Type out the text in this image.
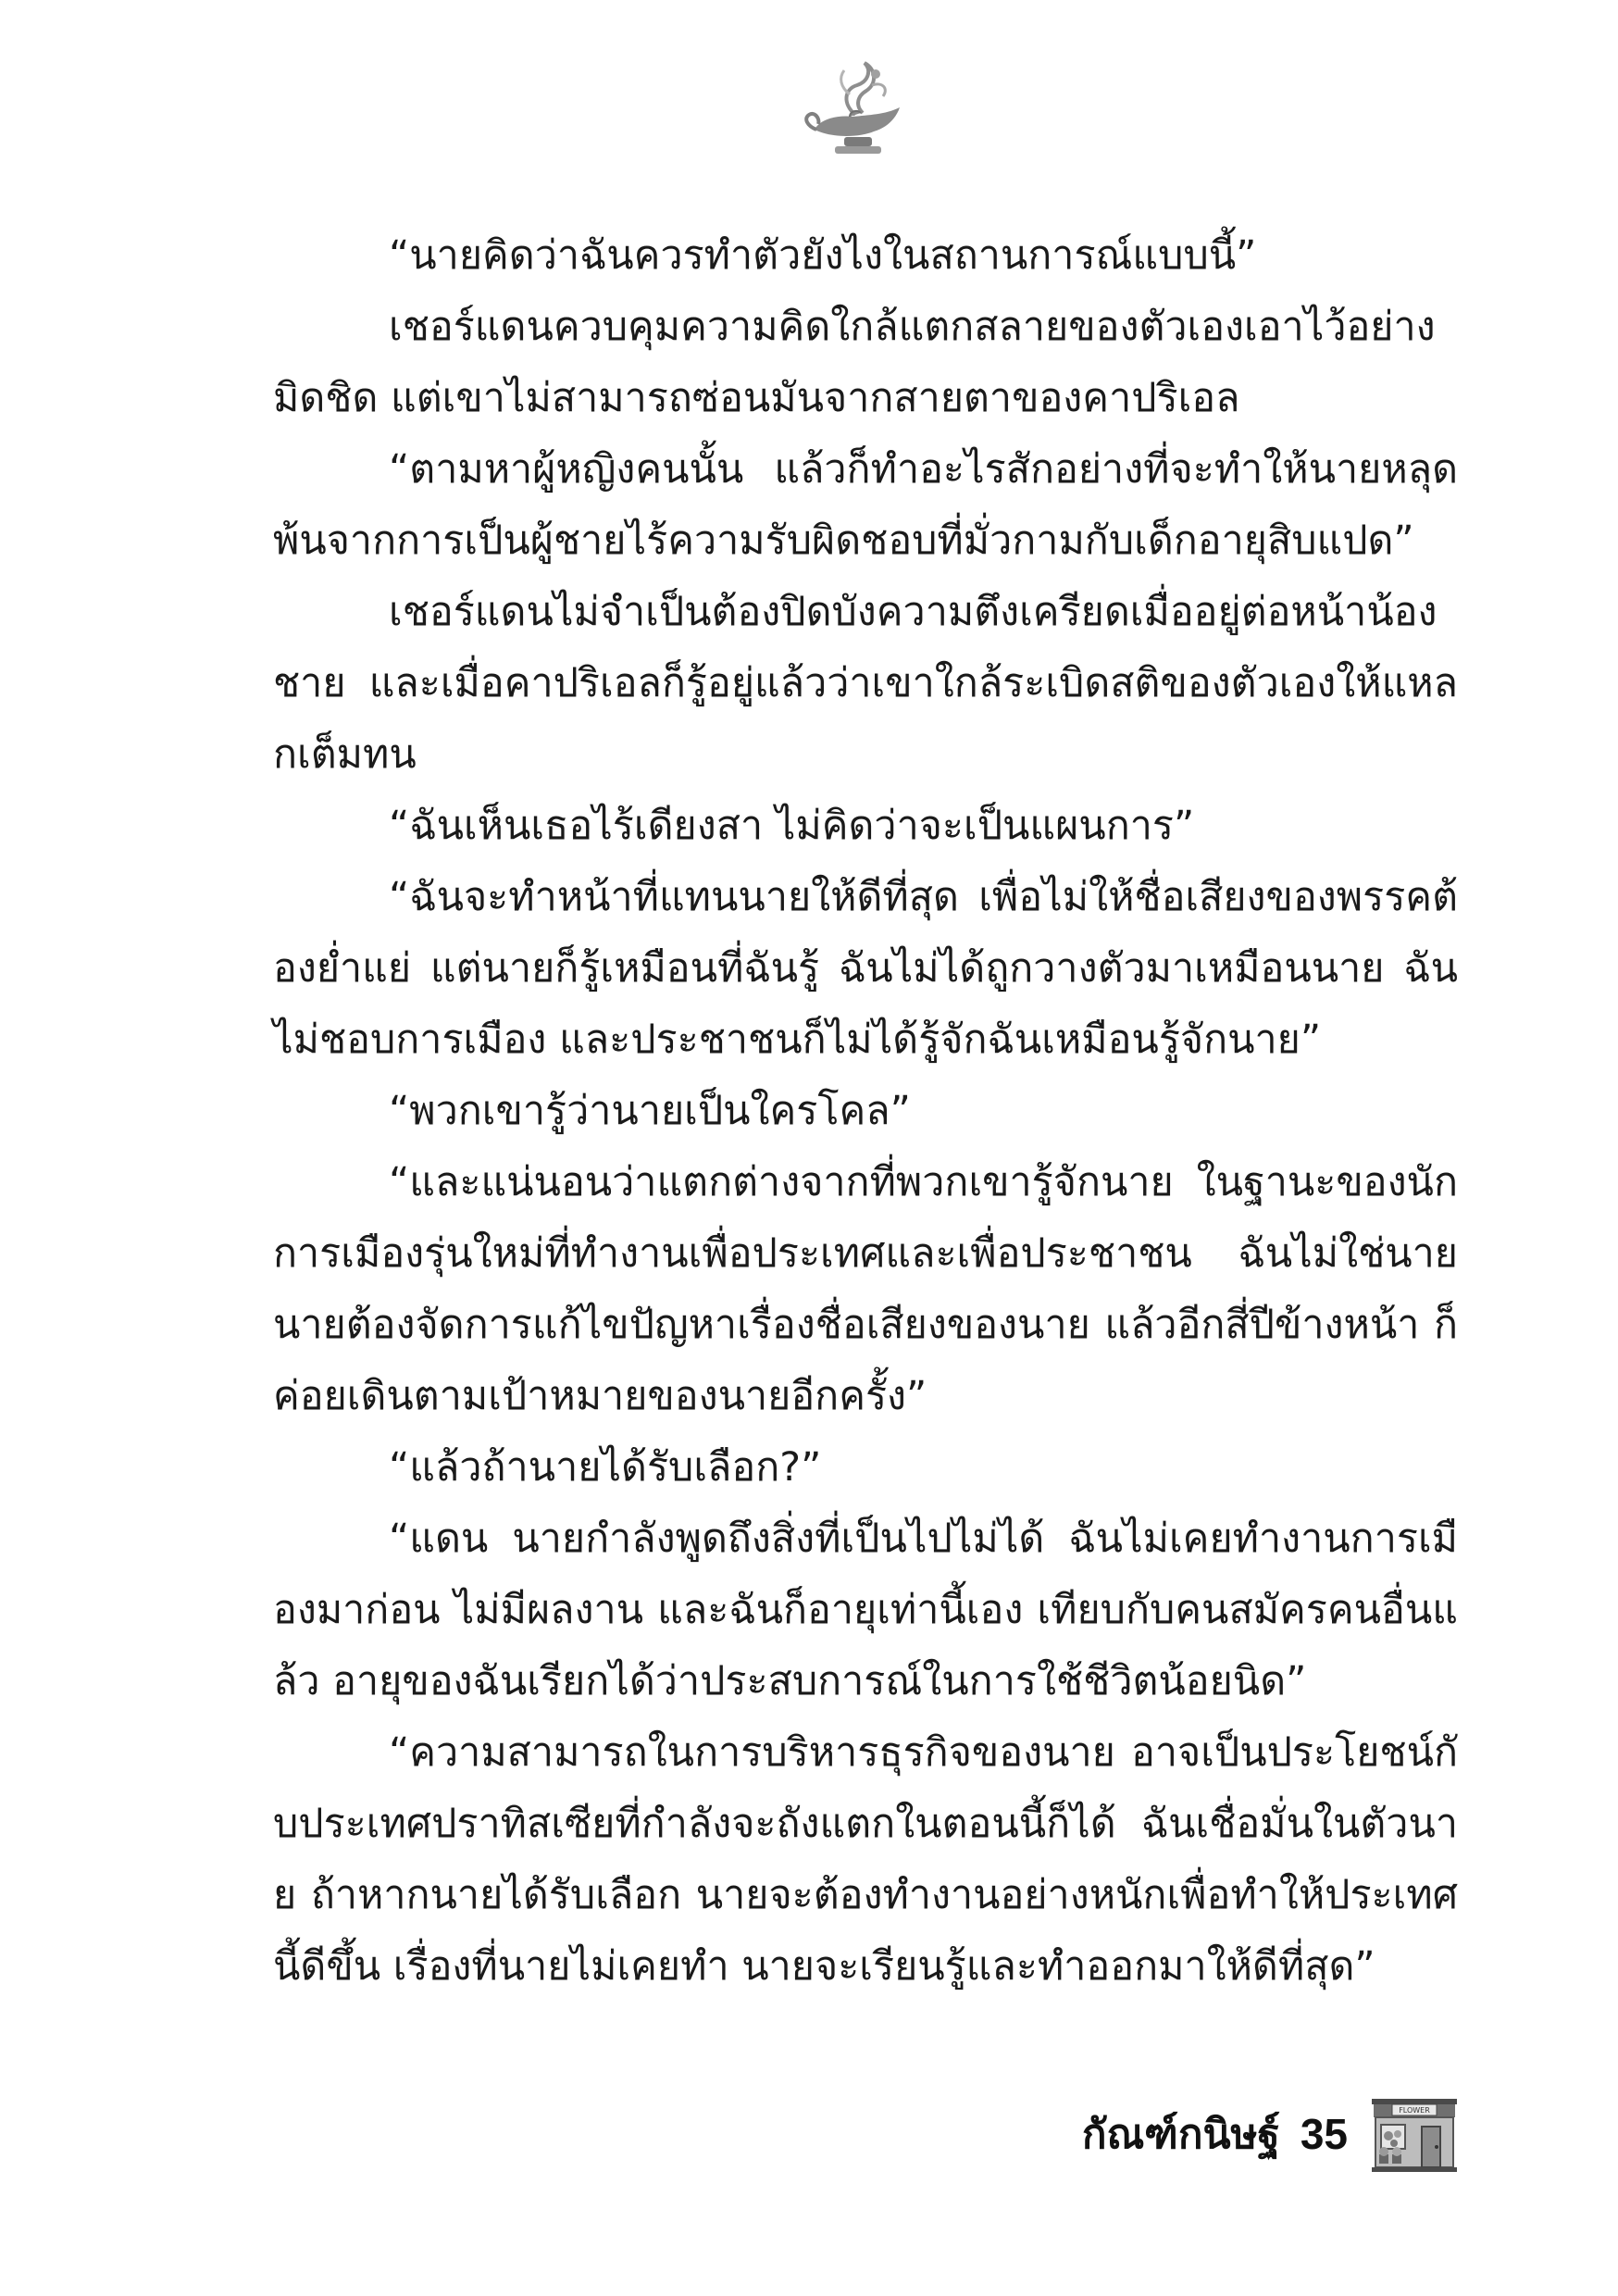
“นายคิดว่าฉันควรทำตัวยังไงในสถานการณ์แบบนี้”

เชอร์แดนควบคุมความคิดใกล้แตกสลายของตัวเองเอาไว้อย่างมิดชิด แต่เขาไม่สามารถซ่อนมันจากสายตาของคาปริเอล

“ตามหาผู้หญิงคนนั้น แล้วก็ทำอะไรสักอย่างที่จะทำให้นายหลุดพ้นจากการเป็นผู้ชายไร้ความรับผิดชอบที่มั่วกามกับเด็กอายุสิบแปด”

เชอร์แดนไม่จำเป็นต้องปิดบังความตึงเครียดเมื่ออยู่ต่อหน้าน้องชาย และเมื่อคาปริเอลก็รู้อยู่แล้วว่าเขาใกล้ระเบิดสติของตัวเองให้แหลกเต็มทน

“ฉันเห็นเธอไร้เดียงสา ไม่คิดว่าจะเป็นแผนการ”

“ฉันจะทำหน้าที่แทนนายให้ดีที่สุด เพื่อไม่ให้ชื่อเสียงของพรรคต้องย่ำแย่ แต่นายก็รู้เหมือนที่ฉันรู้ ฉันไม่ได้ถูกวางตัวมาเหมือนนาย ฉันไม่ชอบการเมือง และประชาชนก็ไม่ได้รู้จักฉันเหมือนรู้จักนาย”

“พวกเขารู้ว่านายเป็นใครโคล”

“และแน่นอนว่าแตกต่างจากที่พวกเขารู้จักนาย ในฐานะของนักการเมืองรุ่นใหม่ที่ทำงานเพื่อประเทศและเพื่อประชาชน ฉันไม่ใช่นาย นายต้องจัดการแก้ไขปัญหาเรื่องชื่อเสียงของนาย แล้วอีกสี่ปีข้างหน้า ก็ค่อยเดินตามเป้าหมายของนายอีกครั้ง”

“แล้วถ้านายได้รับเลือก?”

“แดน นายกำลังพูดถึงสิ่งที่เป็นไปไม่ได้ ฉันไม่เคยทำงานการเมืองมาก่อน ไม่มีผลงาน และฉันก็อายุเท่านี้เอง เทียบกับคนสมัครคนอื่นแล้ว อายุของฉันเรียกได้ว่าประสบการณ์ในการใช้ชีวิตน้อยนิด”

“ความสามารถในการบริหารธุรกิจของนาย อาจเป็นประโยชน์กับประเทศปราทิสเซียที่กำลังจะถังแตกในตอนนี้ก็ได้ ฉันเชื่อมั่นในตัวนาย ถ้าหากนายได้รับเลือก นายจะต้องทำงานอย่างหนักเพื่อทำให้ประเทศนี้ดีขึ้น เรื่องที่นายไม่เคยทำ นายจะเรียนรู้และทำออกมาให้ดีที่สุด”

กัณฑ์กนิษฐ์ 35	FLOWER
